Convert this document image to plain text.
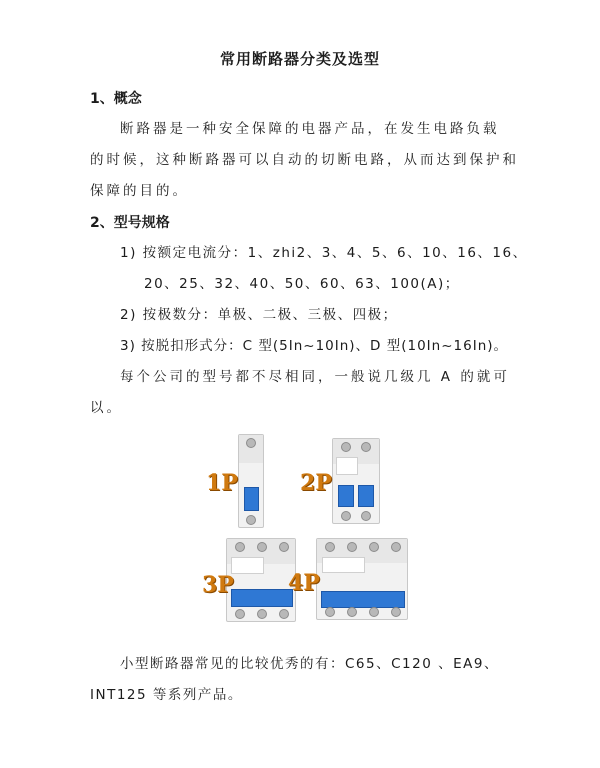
常用断路器分类及选型
1、概念
断路器是一种安全保障的电器产品，在发生电路负载
的时候，这种断路器可以自动的切断电路，从而达到保护和
保障的目的。
2、型号规格
1) 按额定电流分：1、zhi2、3、4、5、6、10、16、16、
20、25、32、40、50、60、63、100(A)；
2) 按极数分：单极、二极、三极、四极；
3) 按脱扣形式分：C 型(5In~10In)、D 型(10In~16In)。
每个公司的型号都不尽相同，一般说几级几 A 的就可
以。
1P	2P
3P 4P
小型断路器常见的比较优秀的有：C65、C120 、EA9、
INT125 等系列产品。
